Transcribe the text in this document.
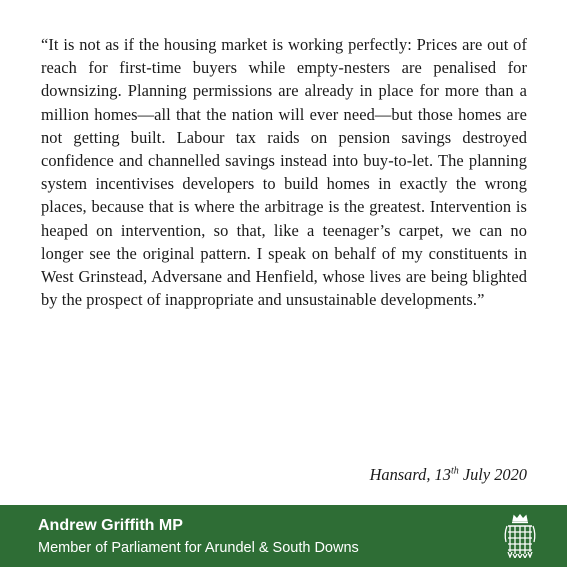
“It is not as if the housing market is working perfectly: Prices are out of reach for first-time buyers while empty-nesters are penalised for downsizing. Planning permissions are already in place for more than a million homes—all that the nation will ever need—but those homes are not getting built. Labour tax raids on pension savings destroyed confidence and channelled savings instead into buy-to-let. The planning system incentivises developers to build homes in exactly the wrong places, because that is where the arbitrage is the greatest. Intervention is heaped on intervention, so that, like a teenager’s carpet, we can no longer see the original pattern. I speak on behalf of my constituents in West Grinstead, Adversane and Henfield, whose lives are being blighted by the prospect of inappropriate and unsustainable developments.”

Hansard, 13th July 2020
Andrew Griffith MP
Member of Parliament for Arundel & South Downs
